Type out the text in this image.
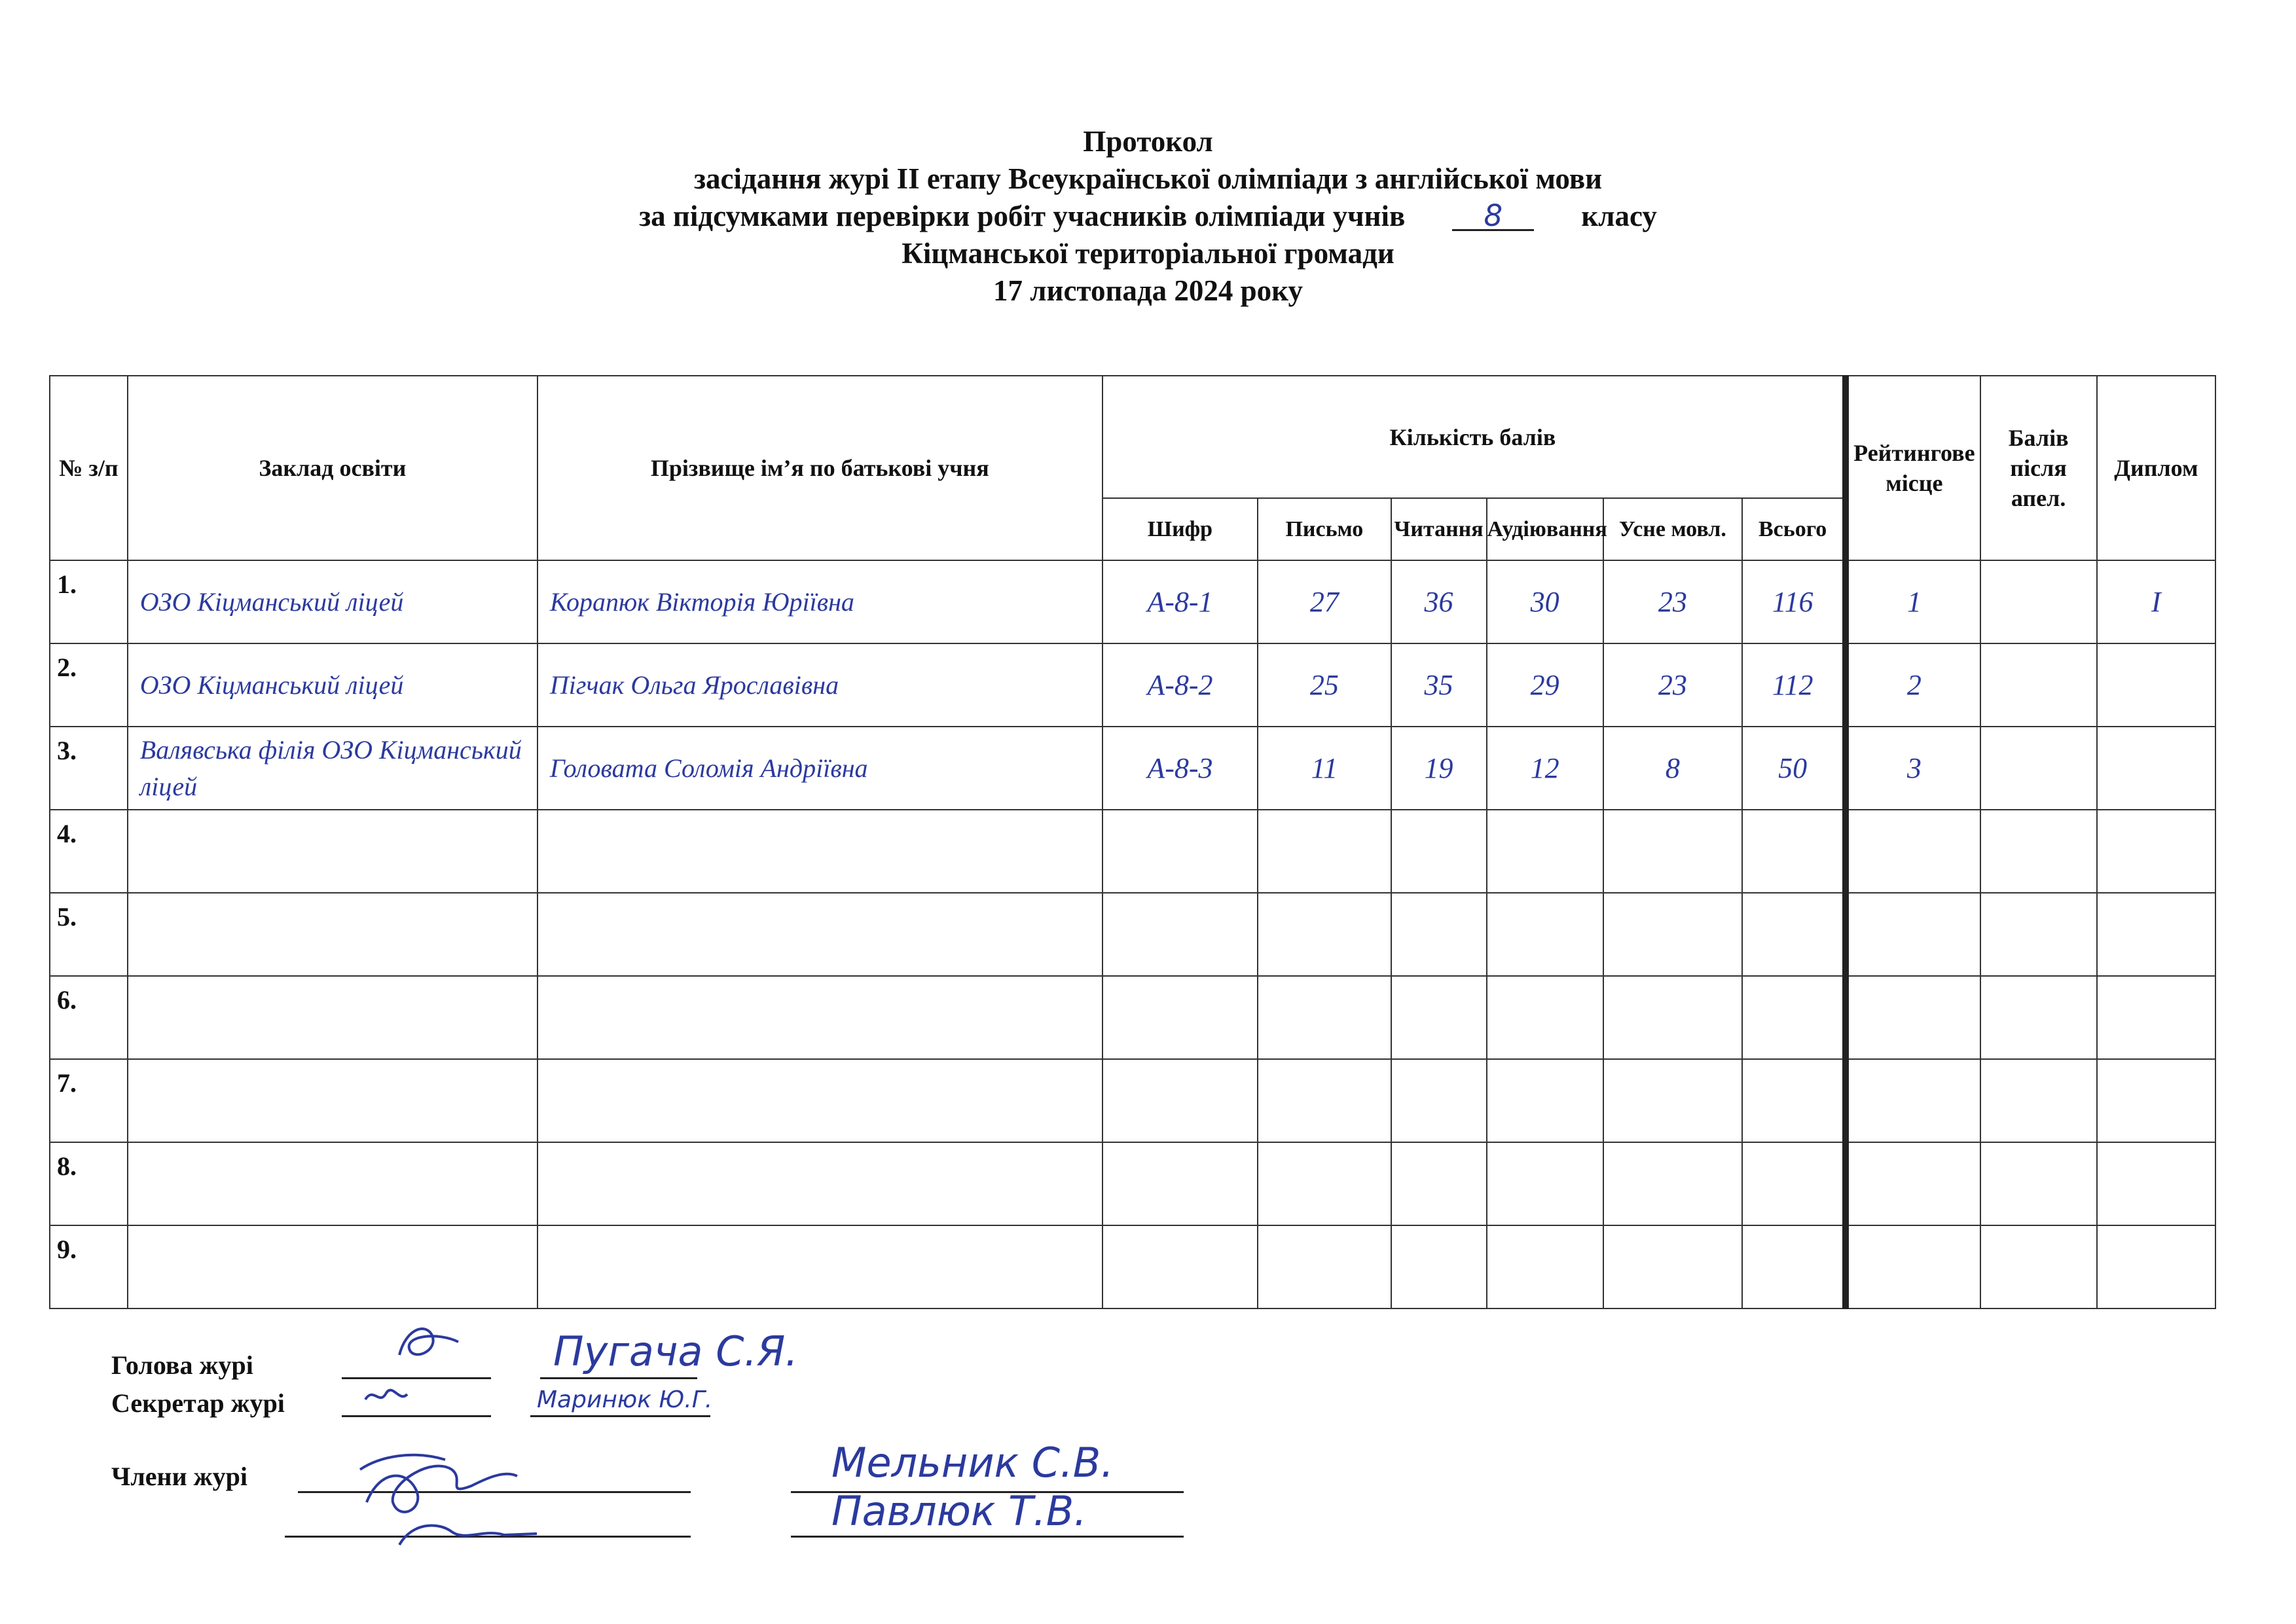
Протокол
засідання журі ІІ етапу Всеукраїнської олімпіади з англійської мови
за підсумками перевірки робіт учасників олімпіади учнів	8	класу
Кіцманської територіальної громади
17 листопада 2024 року
№ з/п	Заклад освіти	Прізвище ім’я по батькові учня	Кількість балів						Рейтингове місце	Балів після апел.	Диплом
			Шифр	Письмо	Читання	Аудіювання	Усне мовл.	Всього			
1.	ОЗО Кіцманський ліцей	Корапюк Вікторія Юріївна	А-8-1	27	36	30	23	116	1		I
2.	ОЗО Кіцманський ліцей	Пігчак Ольга Ярославівна	А-8-2	25	35	29	23	112	2		
3.	Валявська філія ОЗО Кіцманський ліцей	Головата Соломія Андріївна	А-8-3	11	19	12	8	50	3		
4.											
5.											
6.											
7.											
8.											
9.											
Голова журі	Пугача С.Я.
Секретар журі	Маринюк Ю.Г.
Члени журі	Мельник С.В.
Павлюк Т.В.
